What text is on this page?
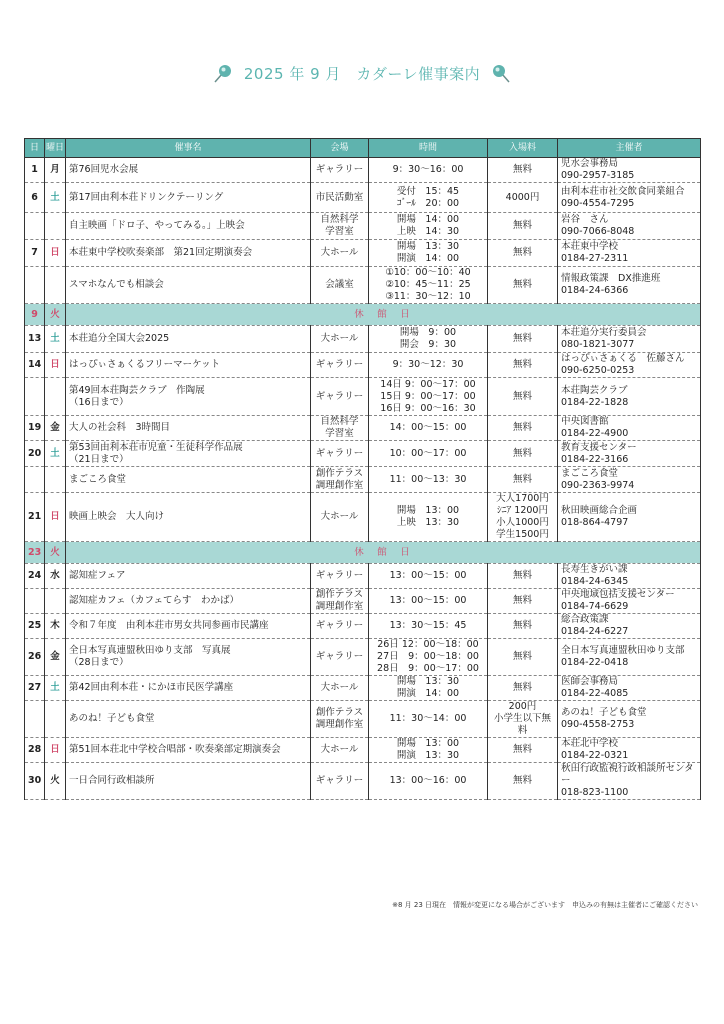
2025 年 9 月　カダーレ催事案内
日	曜日	催事名	会場	時間	入場料	主催者
1	月	第76回児水会展	ギャラリー	9：30～16：00	無料	児水会事務局
090-2957-3185
6	土	第17回由利本荘ドリンクテーリング	市民活動室	受付　15：45
ｺﾞｰﾙ　20：00	4000円	由利本荘市社交飲食同業組合
090-4554-7295
		自主映画「ドロ子、やってみる。」上映会	自然科学
学習室	開場　14：00
上映　14：30	無料	岩谷　さん
090-7066-8048
7	日	本荘東中学校吹奏楽部　第21回定期演奏会	大ホール	開場　13：30
開演　14：00	無料	本荘東中学校
0184-27-2311
		スマホなんでも相談会	会議室	①10：00～10：40
②10：45～11：25
③11：30～12：10	無料	情報政策課　DX推進班
0184-24-6366
9	火	休　館　日				
13	土	本荘追分全国大会2025	大ホール	開場　9：00
開会　9：30	無料	本荘追分実行委員会
080-1821-3077
14	日	はっぴぃさぁくるフリーマーケット	ギャラリー	9：30～12：30	無料	はっぴぃさぁくる　佐藤さん
090-6250-0253
		第49回本荘陶芸クラブ　作陶展
（16日まで）	ギャラリー	14日 9：00～17：00
15日 9：00～17：00
16日 9：00～16：30	無料	本荘陶芸クラブ
0184-22-1828
19	金	大人の社会科　3時間目	自然科学
学習室	14：00～15：00	無料	中央図書館
0184-22-4900
20	土	第53回由利本荘市児童・生徒科学作品展
（21日まで）	ギャラリー	10：00～17：00	無料	教育支援センター
0184-22-3166
		まごころ食堂	創作テラス
調理創作室	11：00～13：30	無料	まごころ食堂
090-2363-9974
21	日	映画上映会　大人向け	大ホール	開場　13：00
上映　13：30	大人1700円
ｼﾆｱ 1200円
小人1000円
学生1500円	秋田映画総合企画
018-864-4797
23	火	休　館　日				
24	水	認知症フェア	ギャラリー	13：00～15：00	無料	長寿生きがい課
0184-24-6345
		認知症カフェ（カフェてらす　わかば）	創作テラス
調理創作室	13：00～15：00	無料	中央地域包括支援センター
0184-74-6629
25	木	令和７年度　由利本荘市男女共同参画市民講座	ギャラリー	13：30～15：45	無料	総合政策課
0184-24-6227
26	金	全日本写真連盟秋田ゆり支部　写真展
（28日まで）	ギャラリー	26日 12：00～18：00
27日　9：00～18：00
28日　9：00～17：00	無料	全日本写真連盟秋田ゆり支部
0184-22-0418
27	土	第42回由利本荘・にかほ市民医学講座	大ホール	開場　13：30
開演　14：00	無料	医師会事務局
0184-22-4085
		あのね！子ども食堂	創作テラス
調理創作室	11：30～14：00	200円
小学生以下無料	あのね！子ども食堂
090-4558-2753
28	日	第51回本荘北中学校合唱部・吹奏楽部定期演奏会	大ホール	開場　13：00
開演　13：30	無料	本荘北中学校
0184-22-0321
30	火	一日合同行政相談所	ギャラリー	13：00～16：00	無料	秋田行政監視行政相談所センター
018-823-1100
※8 月 23 日現在　情報が変更になる場合がございます　申込みの有無は主催者にご確認ください
